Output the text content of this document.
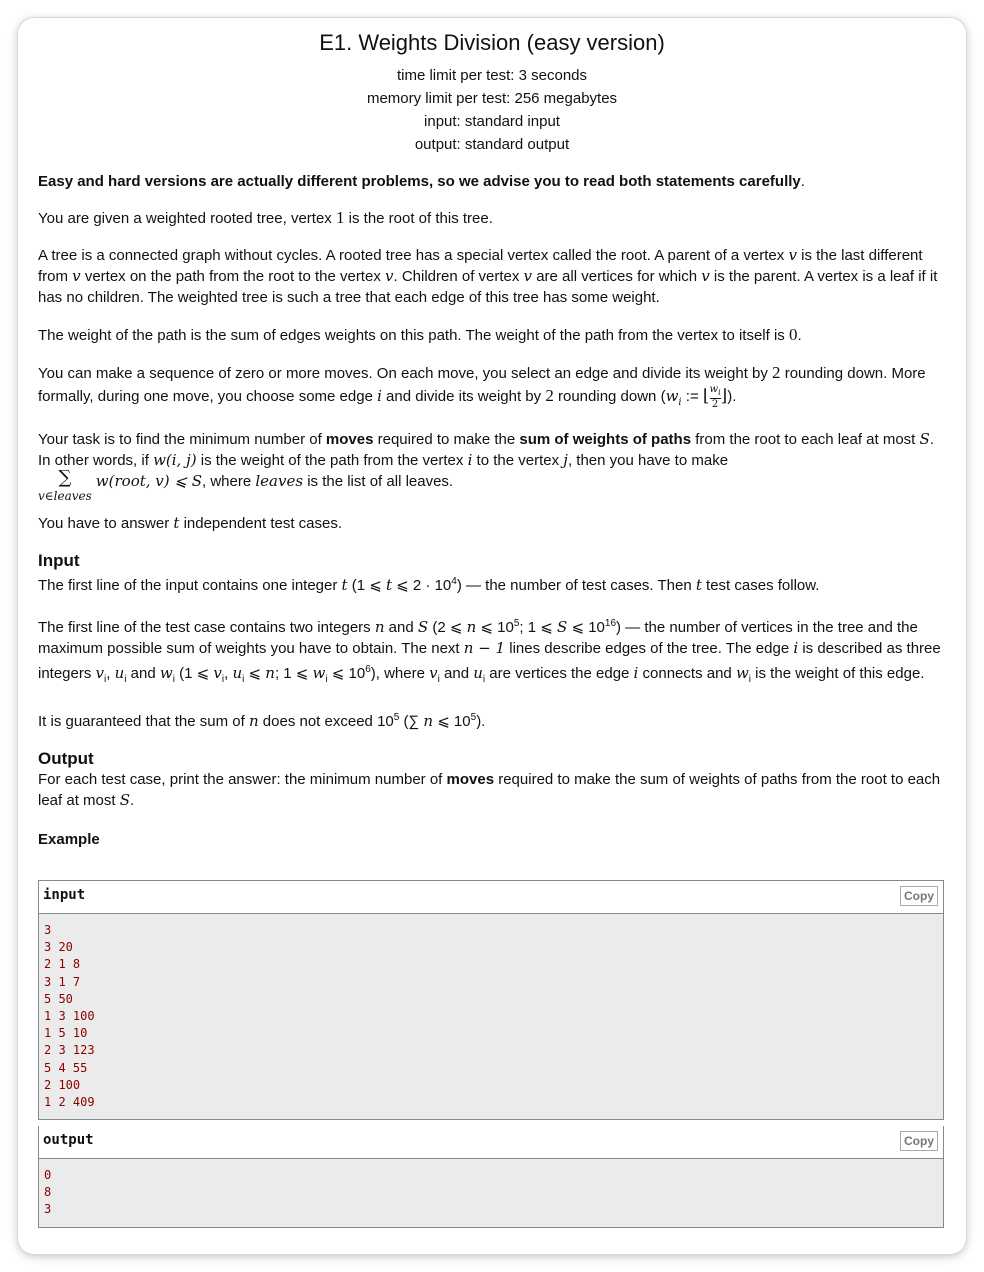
E1. Weights Division (easy version)
time limit per test: 3 seconds
memory limit per test: 256 megabytes
input: standard input
output: standard output

Easy and hard versions are actually different problems, so we advise you to read both statements carefully.

You are given a weighted rooted tree, vertex 1 is the root of this tree.

A tree is a connected graph without cycles. A rooted tree has a special vertex called the root. A parent of a vertex v is the last different from v vertex on the path from the root to the vertex v. Children of vertex v are all vertices for which v is the parent. A vertex is a leaf if it has no children. The weighted tree is such a tree that each edge of this tree has some weight.

The weight of the path is the sum of edges weights on this path. The weight of the path from the vertex to itself is 0.

You can make a sequence of zero or more moves. On each move, you select an edge and divide its weight by 2 rounding down. More formally, during one move, you choose some edge i and divide its weight by 2 rounding down ($w_i$ := ⌊ $\frac{w_i}{2}$ ⌋).

Your task is to find the minimum number of moves required to make the sum of weights of paths from the root to each leaf at most S. In other words, if w(i, j) is the weight of the path from the vertex i to the vertex j, then you have to make

∑
v∈leaves
w(root, v) ⩽ S, where leaves is the list of all leaves.

You have to answer t independent test cases.

Input

The first line of the input contains one integer t (1 ⩽ t ⩽ $2 \cdot 10^4$) — the number of test cases. Then t test cases follow.

The first line of the test case contains two integers n and S (2 ⩽ n ⩽ $10^5$; 1 ⩽ S ⩽ $10^{16}$) — the number of vertices in the tree and the maximum possible sum of weights you have to obtain. The next n − 1 lines describe edges of the tree. The edge i is described as three integers $v_i$, $u_i$ and $w_i$ (1 ⩽ $v_i$, $u_i$ ⩽ n; 1 ⩽ $w_i$ ⩽ $10^6$), where $v_i$ and $u_i$ are vertices the edge i connects and $w_i$ is the weight of this edge.

It is guaranteed that the sum of n does not exceed $10^5$ (∑ n ⩽ $10^5$).

Output

For each test case, print the answer: the minimum number of moves required to make the sum of weights of paths from the root to each leaf at most S.

Example
input	Copy
3
3 20
2 1 8
3 1 7
5 50
1 3 100
1 5 10
2 3 123
5 4 55
2 100
1 2 409
output	Copy
0
8
3
